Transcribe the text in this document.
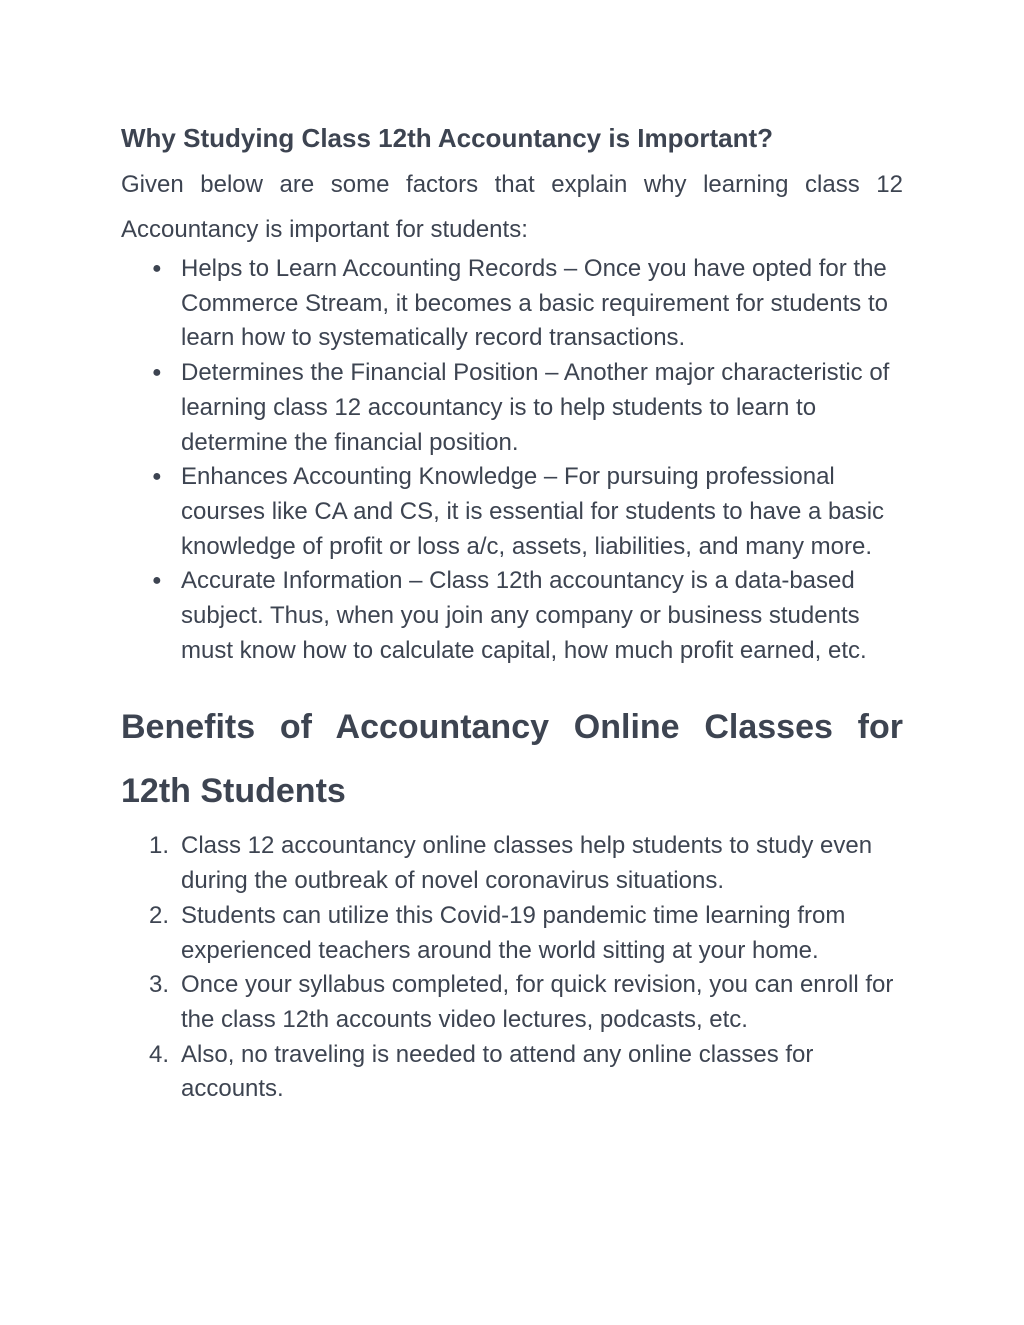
Why Studying Class 12th Accountancy is Important?

Given below are some factors that explain why learning class 12 Accountancy is important for students:

● Helps to Learn Accounting Records – Once you have opted for the Commerce Stream, it becomes a basic requirement for students to learn how to systematically record transactions.
● Determines the Financial Position – Another major characteristic of learning class 12 accountancy is to help students to learn to determine the financial position.
● Enhances Accounting Knowledge – For pursuing professional courses like CA and CS, it is essential for students to have a basic knowledge of profit or loss a/c, assets, liabilities, and many more.
● Accurate Information – Class 12th accountancy is a data-based subject. Thus, when you join any company or business students must know how to calculate capital, how much profit earned, etc.
Benefits of Accountancy Online Classes for 12th Students
1. Class 12 accountancy online classes help students to study even during the outbreak of novel coronavirus situations.
2. Students can utilize this Covid-19 pandemic time learning from experienced teachers around the world sitting at your home.
3. Once your syllabus completed, for quick revision, you can enroll for the class 12th accounts video lectures, podcasts, etc.
4. Also, no traveling is needed to attend any online classes for accounts.
